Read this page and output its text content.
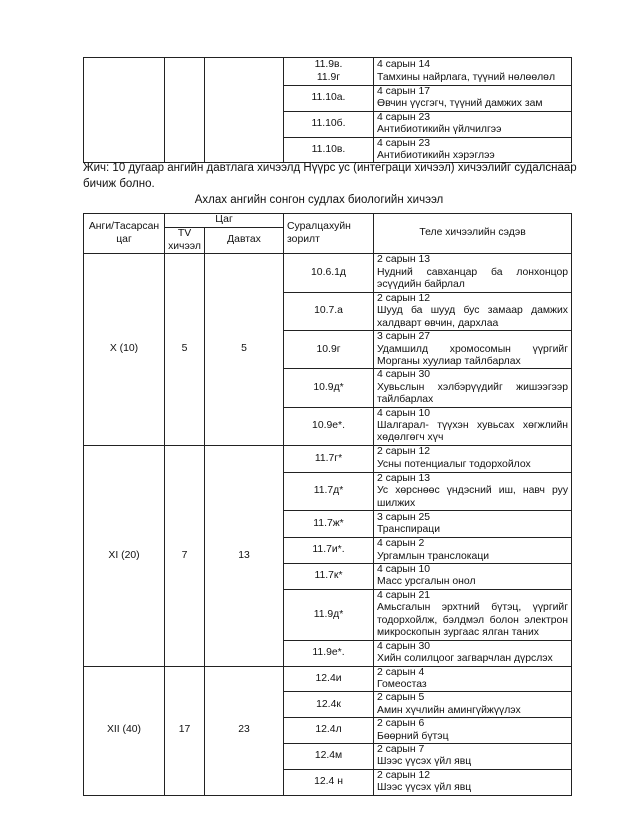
			11.9в.
11.9г	4 сарын 14
Тамхины найрлага, түүний нөлөөлөл

			11.10а.	4 сарын 17
Өвчин үүсгэгч, түүний дамжих зам

			11.10б.	4 сарын 23
Антибиотикийн үйлчилгээ

			11.10в.	4 сарын 23
Антибиотикийн хэрэглээ
Жич: 10 дугаар ангийн давтлага хичээлд Нүүрс ус (интеграци хичээл) хичээлийг судалснаар бичиж болно.
Ахлах ангийн сонгон судлах биологийн хичээл
Анги/Тасарсан цаг	Цаг		Суралцахуйн зорилт	Теле хичээлийн сэдэв
	TV хичээл	Давтах		
X (10)	5	5	10.6.1д	2 сарын 13
Нудний савханцар ба лонхонцор эсүүдийн байрлал
			10.7.а	2 сарын 12
Шууд ба шууд бус замаар дамжих халдварт өвчин, дархлаа
			10.9г	3 сарын 27
Удамшилд хромосомын үүргийг Морганы хуулиар тайлбарлах
			10.9д*	4 сарын 30
Хувьслын хэлбэрүүдийг жишээгээр тайлбарлах
			10.9е*.	4 сарын 10
Шалгарал- түүхэн хувьсах хөгжлийн хөдөлгөгч хүч
XI (20)	7	13	11.7г*	2 сарын 12
Усны потенциалыг тодорхойлох
			11.7д*	2 сарын 13
Ус хөрснөөс үндэсний иш, навч руу шилжих
			11.7ж*	3 сарын 25
Транспираци
			11.7и*.	4 сарын 2
Ургамлын транслокаци
			11.7к*	4 сарын 10
Масс урсгалын онол
			11.9д*	4 сарын 21
Амьсгалын эрхтний бүтэц, үүргийг тодорхойлж, бэлдмэл болон электрон микроскопын зургаас ялган таних
			11.9е*.	4 сарын 30
Хийн солилцоог загварчлан дүрслэх
XII (40)	17	23	12.4и	2 сарын 4
Гомеостаз
			12.4к	2 сарын 5
Амин хүчлийн амингүйжүүлэх
			12.4л	2 сарын 6
Бөөрний бүтэц
			12.4м	2 сарын 7
Шээс үүсэх үйл явц
			12.4 н	2 сарын 12
Шээс үүсэх үйл явц
